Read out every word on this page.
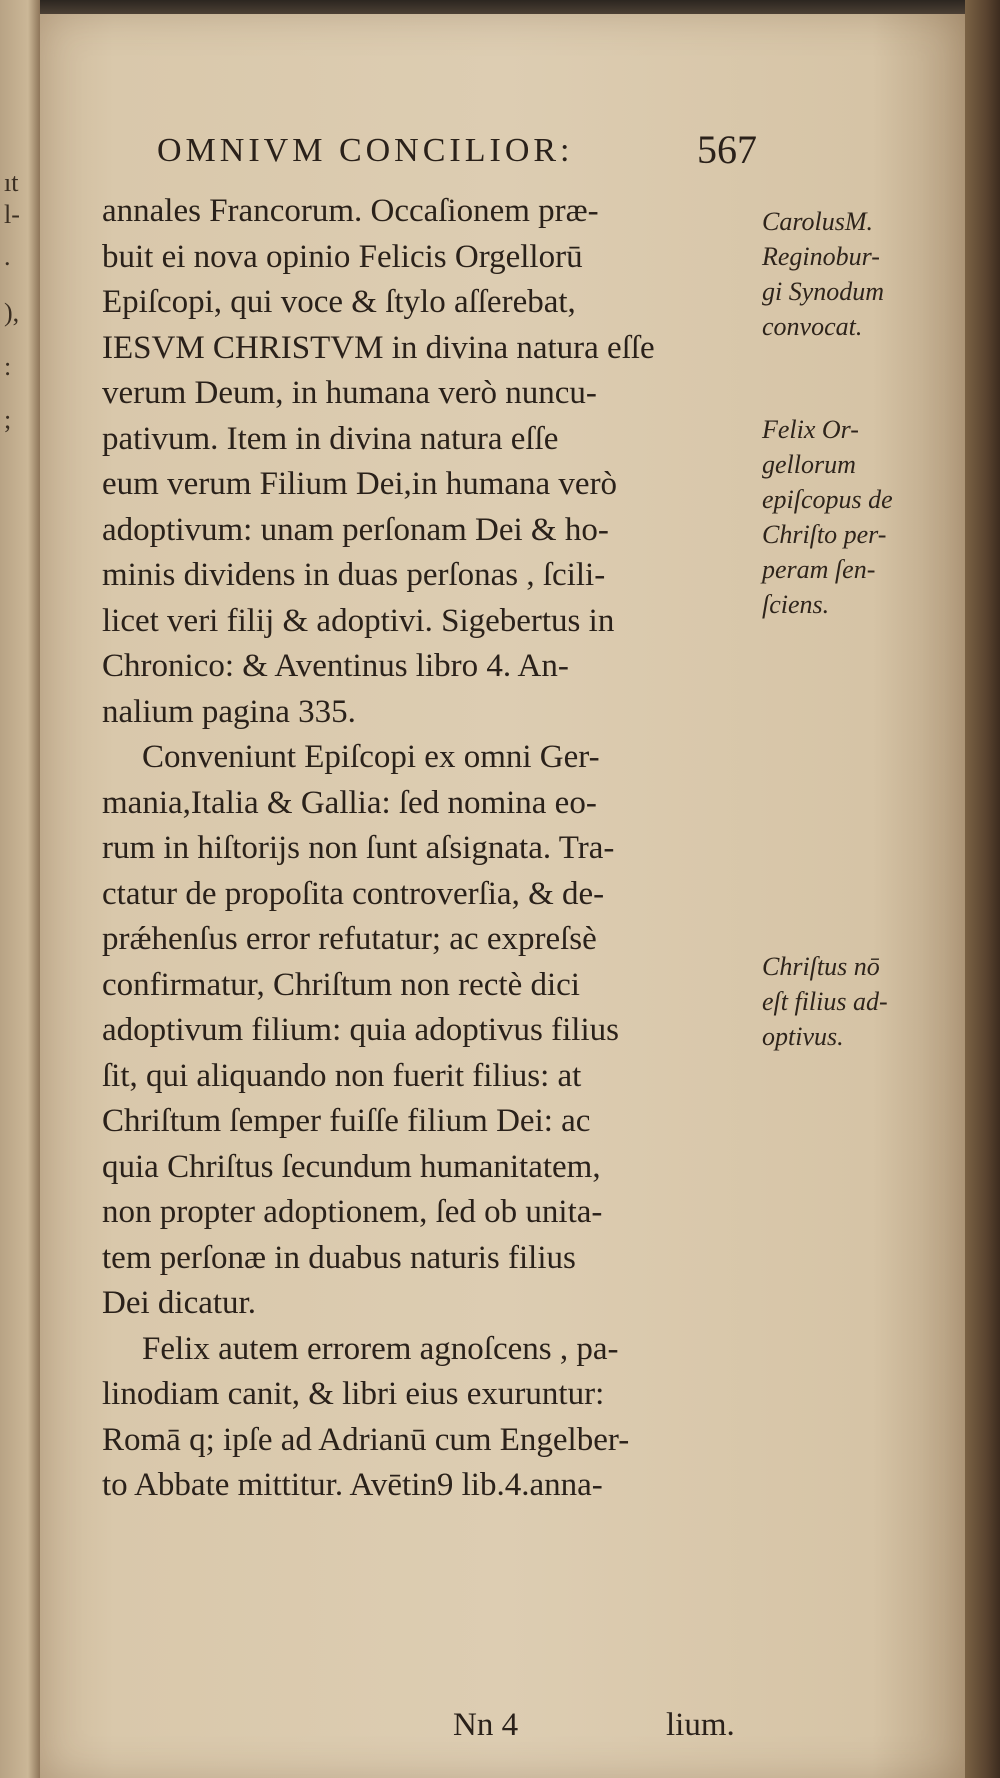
ıt
l-
.
),
:
;
OMNIVM CONCILIOR:	567
annales Francorum. Occaſionem præ-
buit ei nova opinio Felicis Orgellorū
Epiſcopi, qui voce & ſtylo aſſerebat,
IESVM CHRISTVM in divina natura eſſe
verum Deum, in humana verò nuncu-
pativum. Item in divina natura eſſe
eum verum Filium Dei,in humana verò
adoptivum: unam perſonam Dei & ho-
minis dividens in duas perſonas , ſcili-
licet veri filij & adoptivi. Sigebertus in
Chronico: & Aventinus libro 4. An-
nalium pagina 335.
Conveniunt Epiſcopi ex omni Ger-
mania,Italia & Gallia: ſed nomina eo-
rum in hiſtorijs non ſunt aſsignata. Tra-
ctatur de propoſita controverſia, & de-
prǽhenſus error refutatur; ac expreſsè
confirmatur, Chriſtum non rectè dici
adoptivum filium: quia adoptivus filius
ſit, qui aliquando non fuerit filius: at
Chriſtum ſemper fuiſſe filium Dei: ac
quia Chriſtus ſecundum humanitatem,
non propter adoptionem, ſed ob unita-
tem perſonæ in duabus naturis filius
Dei dicatur.
Felix autem errorem agnoſcens , pa-
linodiam canit, & libri eius exuruntur:
Romā q; ipſe ad Adrianū cum Engelber-
to Abbate mittitur. Avētin9 lib.4.anna-
CarolusM.
Reginobur-
gi Synodum
convocat.
Felix Or-
gellorum
epiſcopus de
Chriſto per-
peram ſen-
ſciens.
Chriſtus nō
eſt filius ad-
optivus.
Nn 4	lium.
